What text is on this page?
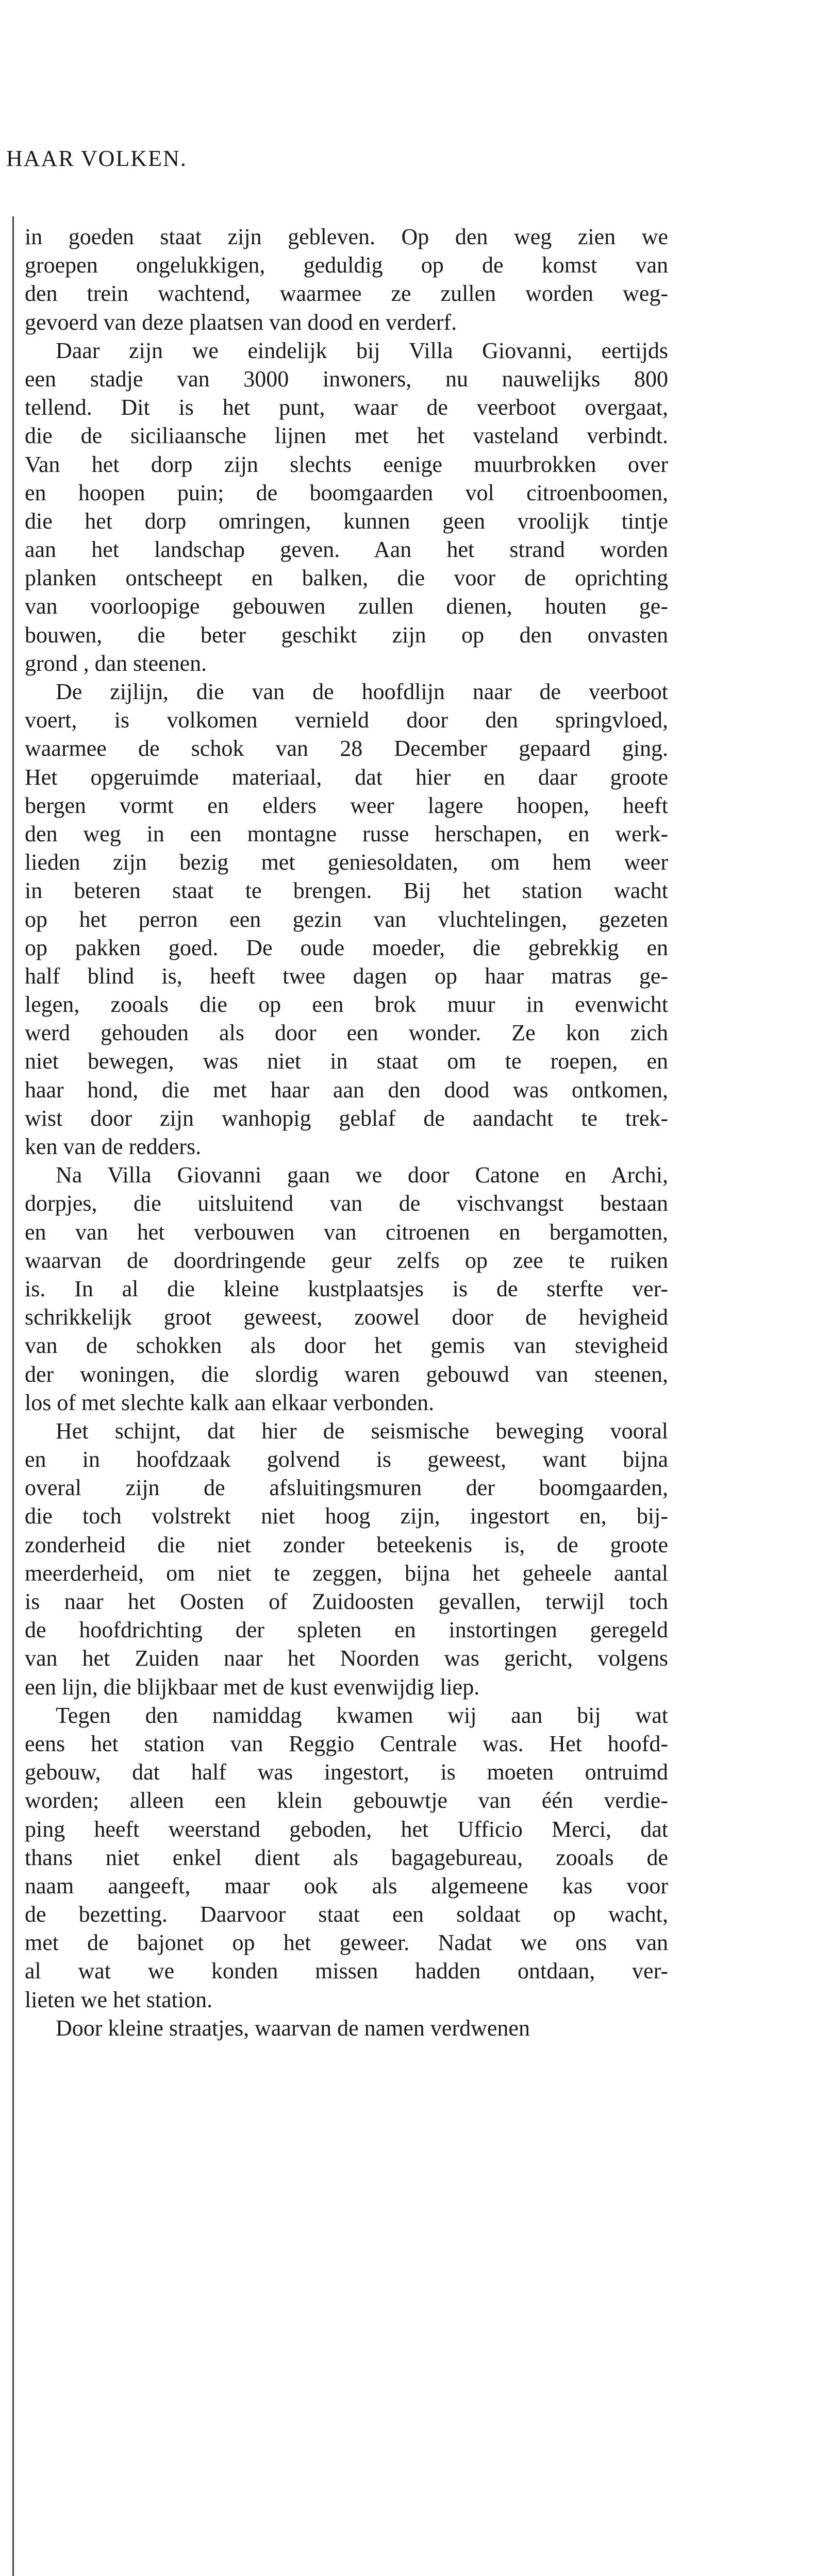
HAAR VOLKEN.

in goeden staat zijn gebleven. Op den weg zien we
groepen ongelukkigen, geduldig op de komst van
den trein wachtend, waarmee ze zullen worden weg-
gevoerd van deze plaatsen van dood en verderf.

Daar zijn we eindelijk bij Villa Giovanni, eertijds
een stadje van 3000 inwoners, nu nauwelijks 800
tellend. Dit is het punt, waar de veerboot overgaat,
die de siciliaansche lijnen met het vasteland verbindt.
Van het dorp zijn slechts eenige muurbrokken over
en hoopen puin; de boomgaarden vol citroenboomen,
die het dorp omringen, kunnen geen vroolijk tintje
aan het landschap geven. Aan het strand worden
planken ontscheept en balken, die voor de oprichting
van voorloopige gebouwen zullen dienen, houten ge-
bouwen, die beter geschikt zijn op den onvasten
grond , dan steenen.

De zijlijn, die van de hoofdlijn naar de veerboot
voert, is volkomen vernield door den springvloed,
waarmee de schok van 28 December gepaard ging.
Het opgeruimde materiaal, dat hier en daar groote
bergen vormt en elders weer lagere hoopen, heeft
den weg in een montagne russe herschapen, en werk-
lieden zijn bezig met geniesoldaten, om hem weer
in beteren staat te brengen. Bij het station wacht
op het perron een gezin van vluchtelingen, gezeten
op pakken goed. De oude moeder, die gebrekkig en
half blind is, heeft twee dagen op haar matras ge-
legen, zooals die op een brok muur in evenwicht
werd gehouden als door een wonder. Ze kon zich
niet bewegen, was niet in staat om te roepen, en
haar hond, die met haar aan den dood was ontkomen,
wist door zijn wanhopig geblaf de aandacht te trek-
ken van de redders.

Na Villa Giovanni gaan we door Catone en Archi,
dorpjes, die uitsluitend van de vischvangst bestaan
en van het verbouwen van citroenen en bergamotten,
waarvan de doordringende geur zelfs op zee te ruiken
is. In al die kleine kustplaatsjes is de sterfte ver-
schrikkelijk groot geweest, zoowel door de hevigheid
van de schokken als door het gemis van stevigheid
der woningen, die slordig waren gebouwd van steenen,
los of met slechte kalk aan elkaar verbonden.

Het schijnt, dat hier de seismische beweging vooral
en in hoofdzaak golvend is geweest, want bijna
overal zijn de afsluitingsmuren der boomgaarden,
die toch volstrekt niet hoog zijn, ingestort en, bij-
zonderheid die niet zonder beteekenis is, de groote
meerderheid, om niet te zeggen, bijna het geheele aantal
is naar het Oosten of Zuidoosten gevallen, terwijl toch
de hoofdrichting der spleten en instortingen geregeld
van het Zuiden naar het Noorden was gericht, volgens
een lijn, die blijkbaar met de kust evenwijdig liep.

Tegen den namiddag kwamen wij aan bij wat
eens het station van Reggio Centrale was. Het hoofd-
gebouw, dat half was ingestort, is moeten ontruimd
worden; alleen een klein gebouwtje van één verdie-
ping heeft weerstand geboden, het Ufficio Merci, dat
thans niet enkel dient als bagagebureau, zooals de
naam aangeeft, maar ook als algemeene kas voor
de bezetting. Daarvoor staat een soldaat op wacht,
met de bajonet op het geweer. Nadat we ons van
al wat we konden missen hadden ontdaan, ver-
lieten we het station.

Door kleine straatjes, waarvan de namen verdwenen
